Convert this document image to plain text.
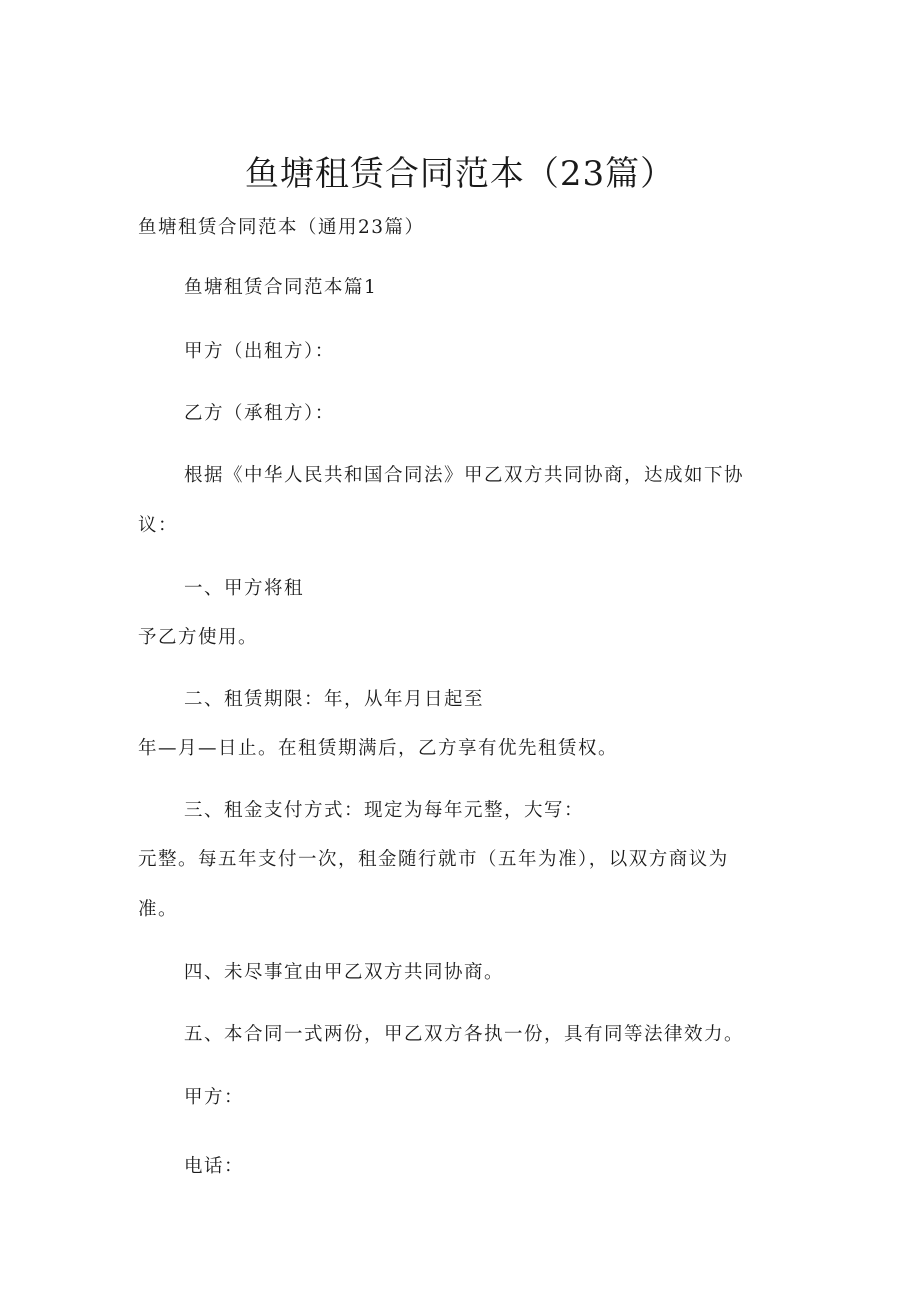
鱼塘租赁合同范本（23篇）

鱼塘租赁合同范本（通用23篇）

鱼塘租赁合同范本篇1

甲方（出租方）：

乙方（承租方）：

根据《中华人民共和国合同法》甲乙双方共同协商，达成如下协

议：

一、甲方将租

予乙方使用。

二、租赁期限：年，从年月日起至

年—月—日止。在租赁期满后，乙方享有优先租赁权。

三、租金支付方式：现定为每年元整，大写：

元整。每五年支付一次，租金随行就市（五年为准），以双方商议为

准。

四、未尽事宜由甲乙双方共同协商。

五、本合同一式两份，甲乙双方各执一份，具有同等法律效力。

甲方：

电话：
